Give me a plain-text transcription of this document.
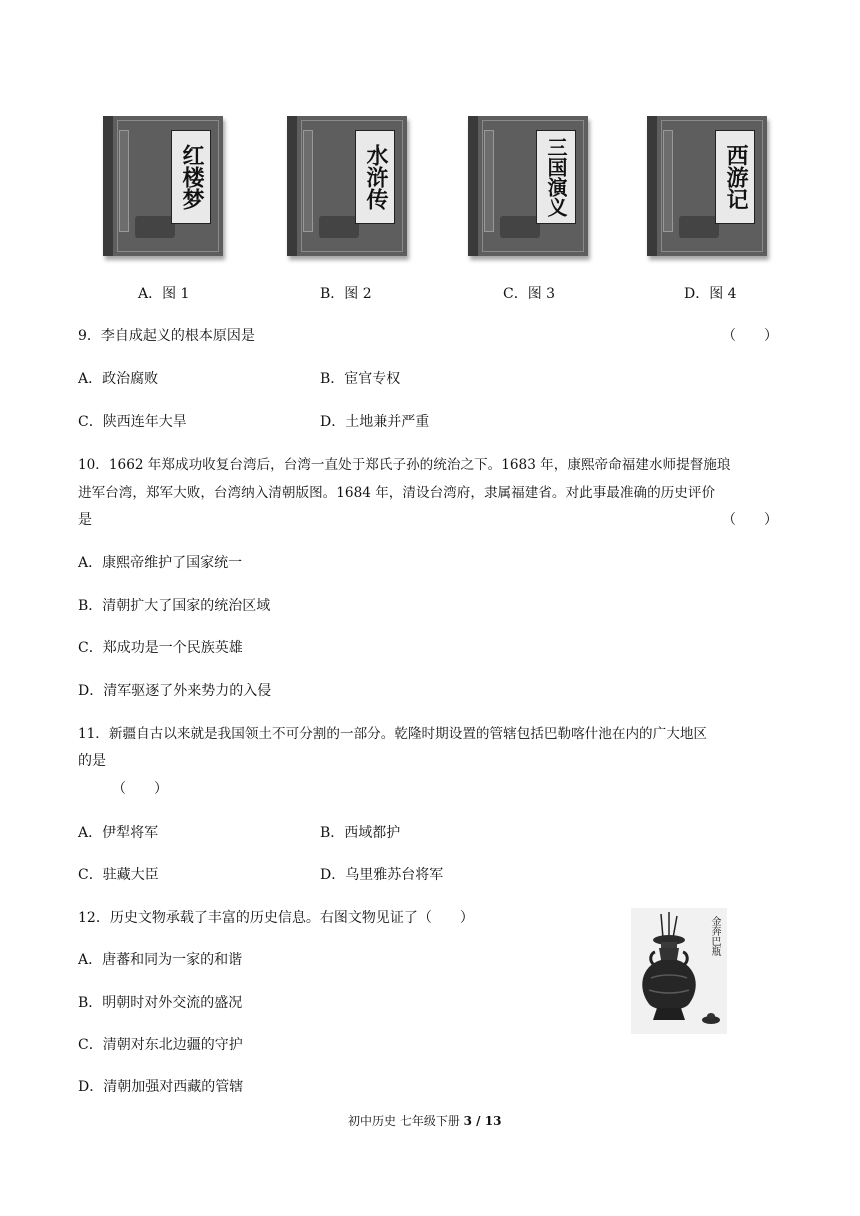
红楼梦	水浒传	三国演义	西游记
A．图 1	B．图 2	C．图 3	D．图 4
9．李自成起义的根本原因是	（　　）
A．政治腐败	B．宦官专权
C．陕西连年大旱	D．土地兼并严重
10．1662 年郑成功收复台湾后，台湾一直处于郑氏子孙的统治之下。1683 年，康熙帝命福建水师提督施琅
进军台湾，郑军大败，台湾纳入清朝版图。1684 年，清设台湾府，隶属福建省。对此事最准确的历史评价
是	（　　）
A．康熙帝维护了国家统一
B．清朝扩大了国家的统治区域
C．郑成功是一个民族英雄
D．清军驱逐了外来势力的入侵
11．新疆自古以来就是我国领土不可分割的一部分。乾隆时期设置的管辖包括巴勒喀什池在内的广大地区
的是
（　　）
A．伊犁将军	B．西域都护
C．驻藏大臣	D．乌里雅苏台将军
12．历史文物承载了丰富的历史信息。右图文物见证了（　　）
A．唐蕃和同为一家的和谐
B．明朝时对外交流的盛况
C．清朝对东北边疆的守护
D．清朝加强对西藏的管辖
金奔巴瓶
初中历史 七年级下册 3 / 13
